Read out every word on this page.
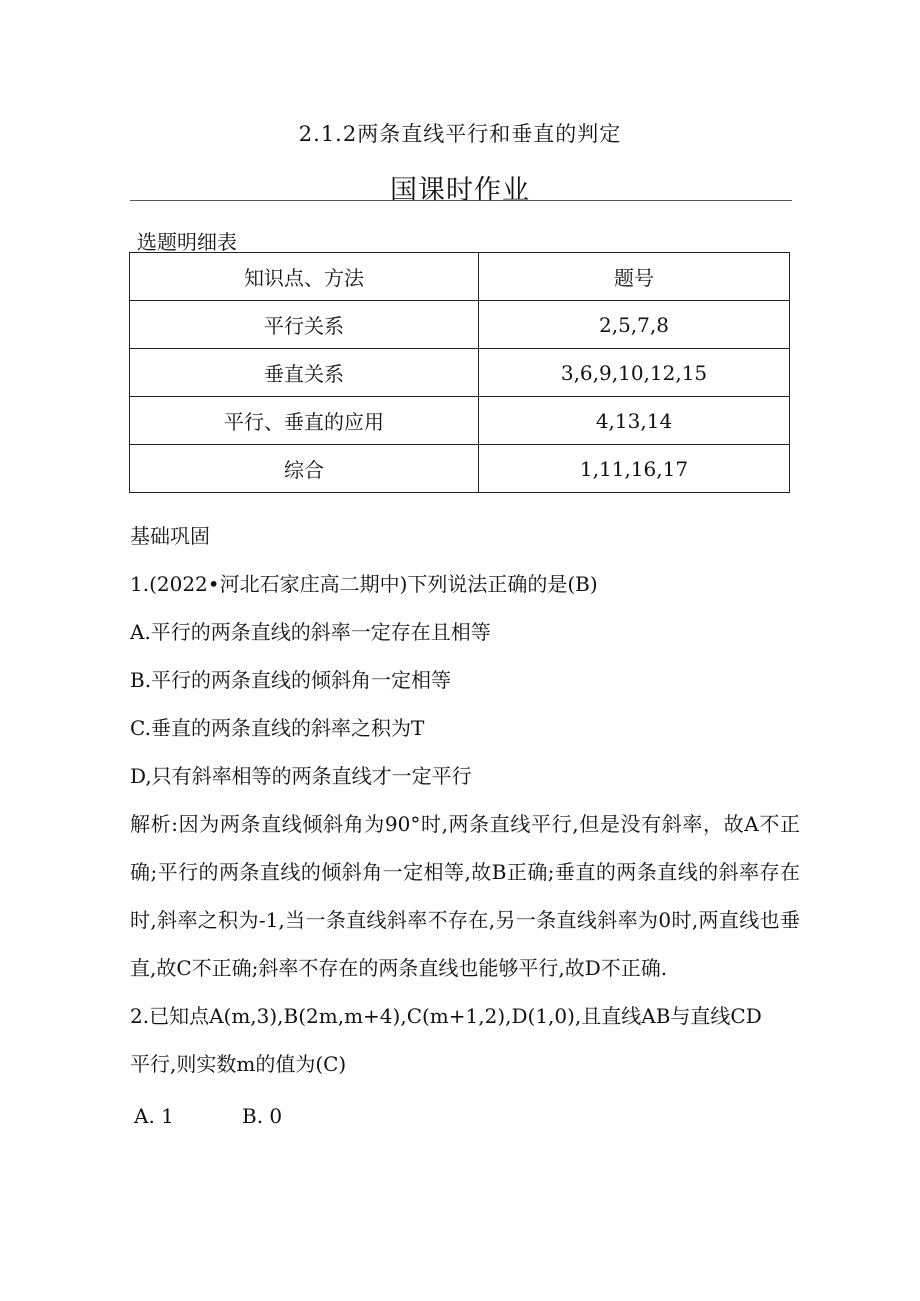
2.1.2两条直线平行和垂直的判定
国课时作业
选题明细表
知识点、方法	题号
平行关系	2,5,7,8
垂直关系	3,6,9,10,12,15
平行、垂直的应用	4,13,14
综合	1,11,16,17

基础巩固

1.(2022•河北石家庄高二期中)下列说法正确的是(B)

A.平行的两条直线的斜率一定存在且相等

B.平行的两条直线的倾斜角一定相等

C.垂直的两条直线的斜率之积为T

D,只有斜率相等的两条直线才一定平行

解析:因为两条直线倾斜角为90°时,两条直线平行,但是没有斜率，故A不正确;平行的两条直线的倾斜角一定相等,故B正确;垂直的两条直线的斜率存在时,斜率之积为-1,当一条直线斜率不存在,另一条直线斜率为0时,两直线也垂直,故C不正确;斜率不存在的两条直线也能够平行,故D不正确.

2.已知点A(m,3),B(2m,m+4),C(m+1,2),D(1,0),且直线AB与直线CD

平行,则实数m的值为(C)

A. 1	B. 0
